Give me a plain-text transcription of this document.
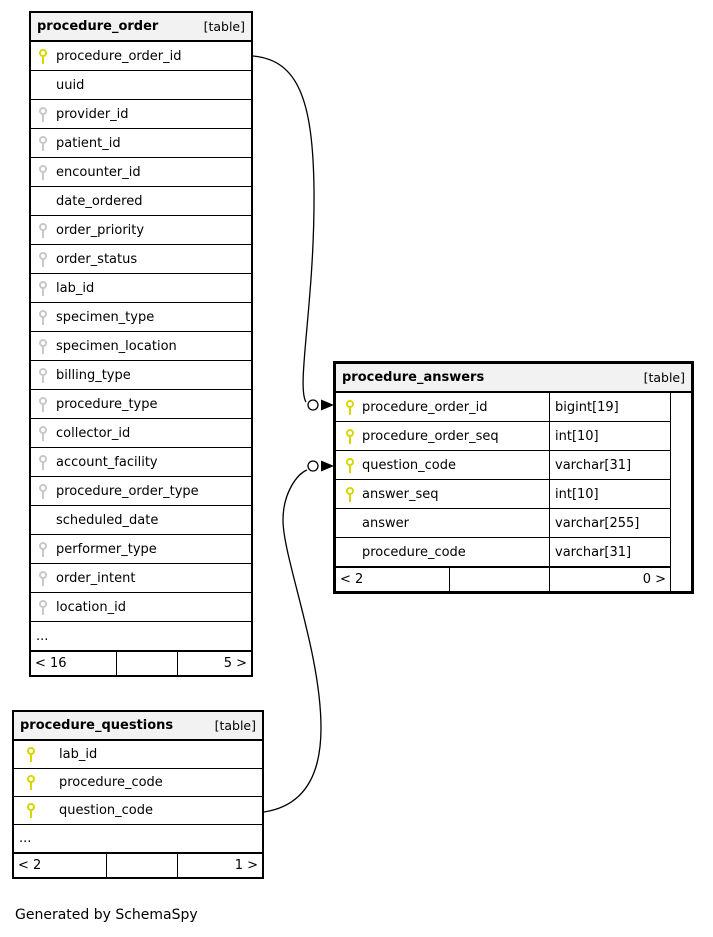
procedure_order	[table]
procedure_order_id
uuid
provider_id
patient_id
encounter_id
date_ordered
order_priority
order_status
lab_id
specimen_type
specimen_location
billing_type
procedure_type
collector_id
account_facility
procedure_order_type
scheduled_date
performer_type
order_intent
location_id
...
< 16	5 >
procedure_answers	[table]
procedure_order_id	bigint[19]
procedure_order_seq	int[10]
question_code	varchar[31]
answer_seq	int[10]
answer	varchar[255]
procedure_code	varchar[31]
< 2	0 >
procedure_questions	[table]
lab_id
procedure_code
question_code
...
< 2	1 >
Generated by SchemaSpy
